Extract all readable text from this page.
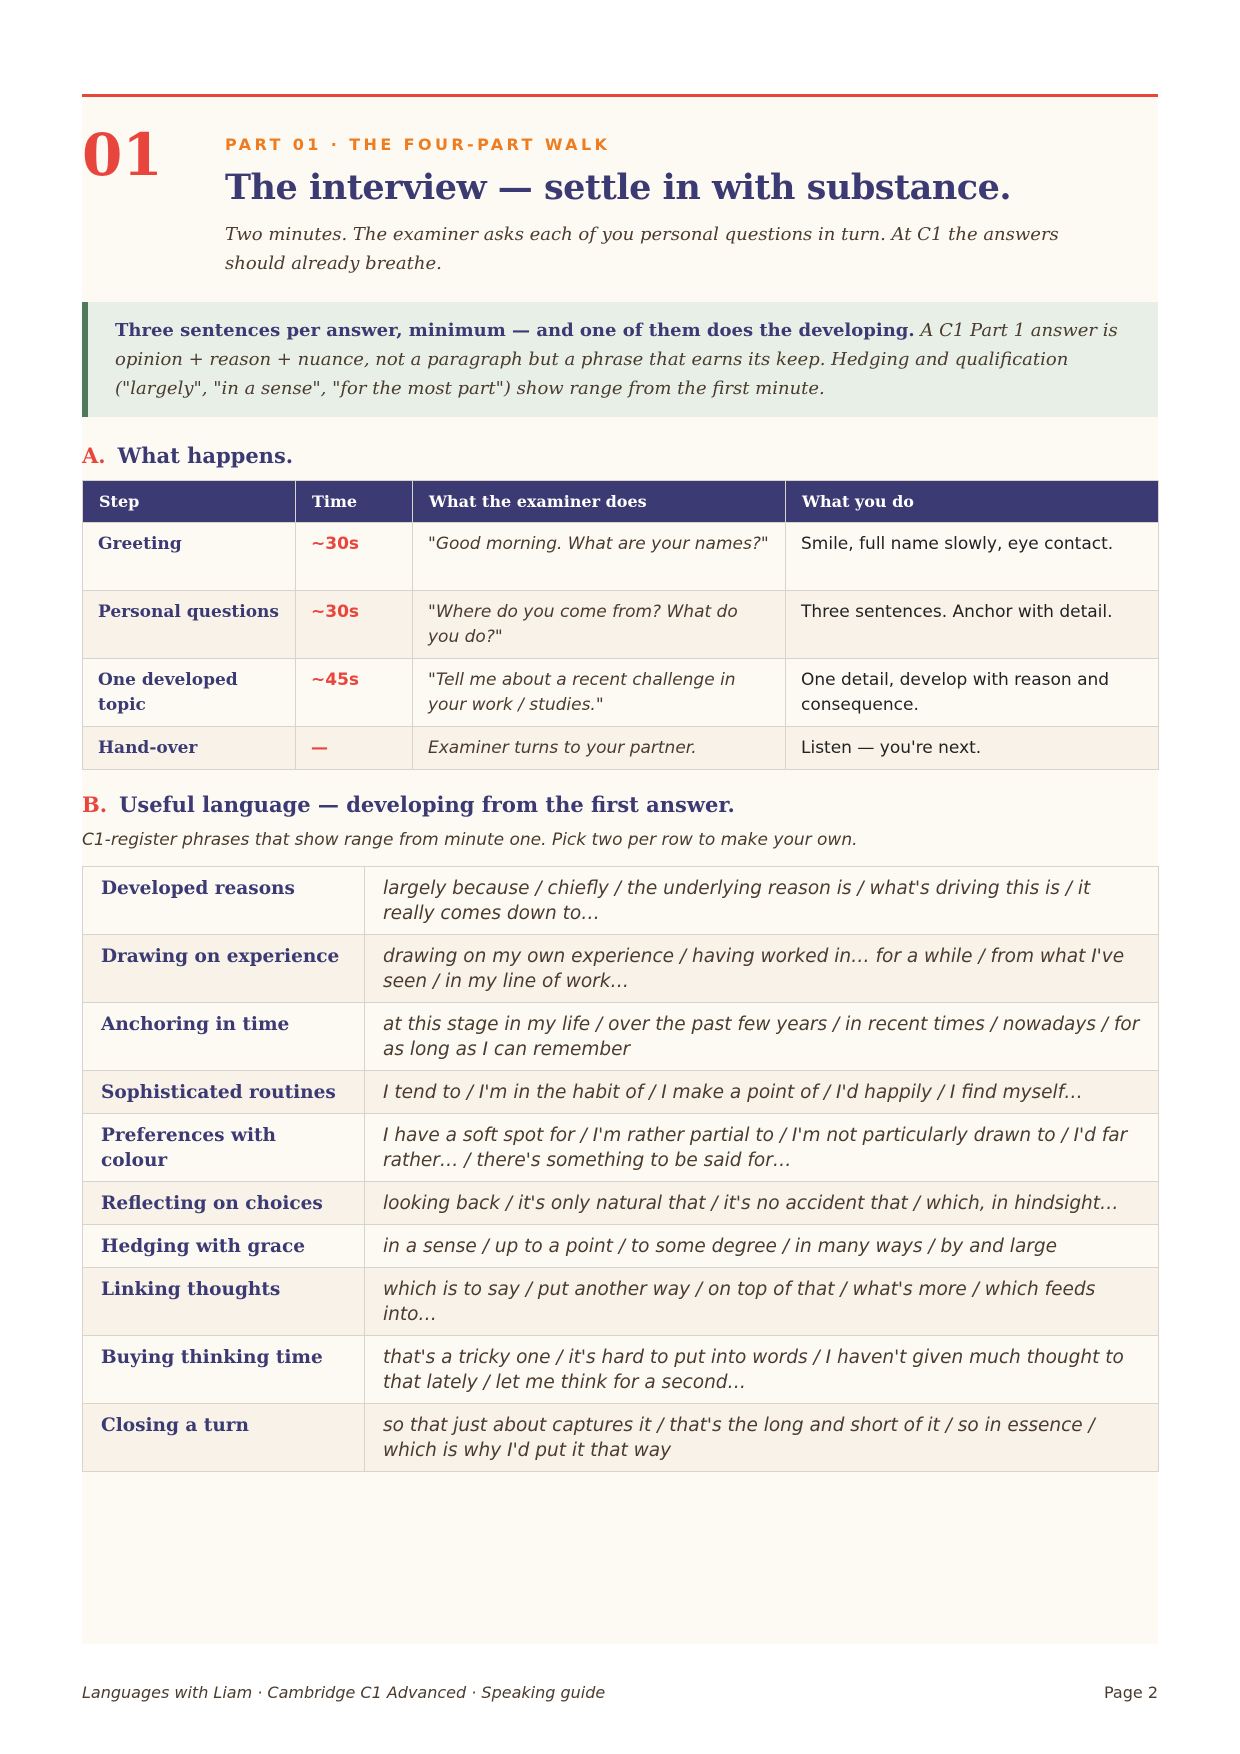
01	PART 01 · THE FOUR-PART WALK
The interview — settle in with substance.

Two minutes. The examiner asks each of you personal questions in turn. At C1 the answers should already breathe.

Three sentences per answer, minimum — and one of them does the developing. A C1 Part 1 answer is opinion + reason + nuance, not a paragraph but a phrase that earns its keep. Hedging and qualification ("largely", "in a sense", "for the most part") show range from the first minute.
A. What happens.
Step	Time	What the examiner does	What you do
Greeting	~30s	"Good morning. What are your names?"	Smile, full name slowly, eye contact.
Personal questions	~30s	"Where do you come from? What do you do?"	Three sentences. Anchor with detail.
One developed topic	~45s	"Tell me about a recent challenge in your work / studies."	One detail, develop with reason and consequence.
Hand-over	—	Examiner turns to your partner.	Listen — you're next.
B. Useful language — developing from the first answer.
C1-register phrases that show range from minute one. Pick two per row to make your own.
Developed reasons	largely because / chiefly / the underlying reason is / what's driving this is / it really comes down to…
Drawing on experience	drawing on my own experience / having worked in… for a while / from what I've seen / in my line of work…
Anchoring in time	at this stage in my life / over the past few years / in recent times / nowadays / for as long as I can remember
Sophisticated routines	I tend to / I'm in the habit of / I make a point of / I'd happily / I find myself…
Preferences with colour	I have a soft spot for / I'm rather partial to / I'm not particularly drawn to / I'd far rather… / there's something to be said for…
Reflecting on choices	looking back / it's only natural that / it's no accident that / which, in hindsight…
Hedging with grace	in a sense / up to a point / to some degree / in many ways / by and large
Linking thoughts	which is to say / put another way / on top of that / what's more / which feeds into…
Buying thinking time	that's a tricky one / it's hard to put into words / I haven't given much thought to that lately / let me think for a second…
Closing a turn	so that just about captures it / that's the long and short of it / so in essence / which is why I'd put it that way
Languages with Liam · Cambridge C1 Advanced · Speaking guide	Page 2
